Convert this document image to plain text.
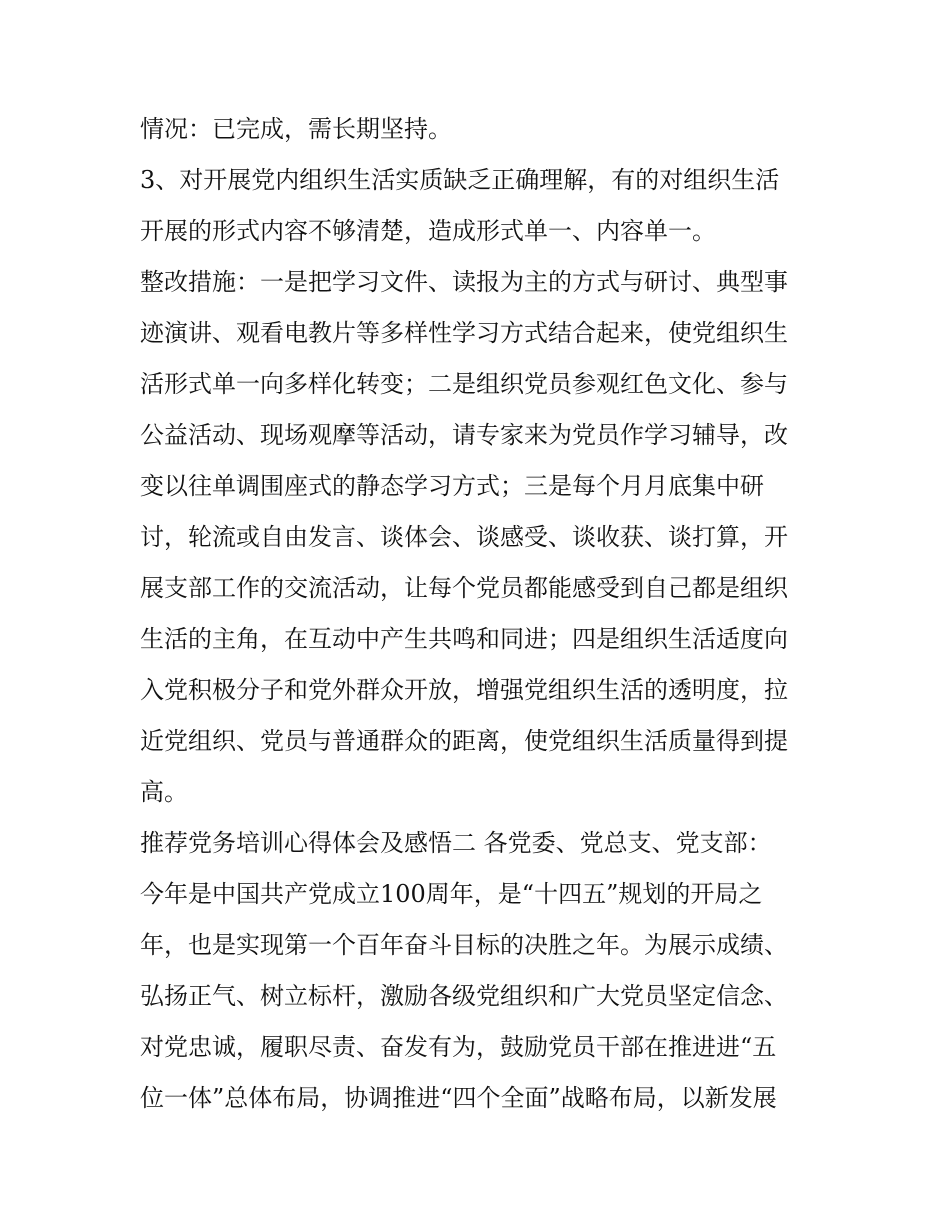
情况：已完成，需长期坚持。
3、对开展党内组织生活实质缺乏正确理解，有的对组织生活
开展的形式内容不够清楚，造成形式单一、内容单一。
整改措施：一是把学习文件、读报为主的方式与研讨、典型事
迹演讲、观看电教片等多样性学习方式结合起来，使党组织生
活形式单一向多样化转变；二是组织党员参观红色文化、参与
公益活动、现场观摩等活动，请专家来为党员作学习辅导，改
变以往单调围座式的静态学习方式；三是每个月月底集中研
讨，轮流或自由发言、谈体会、谈感受、谈收获、谈打算，开
展支部工作的交流活动，让每个党员都能感受到自己都是组织
生活的主角，在互动中产生共鸣和同进；四是组织生活适度向
入党积极分子和党外群众开放，增强党组织生活的透明度，拉
近党组织、党员与普通群众的距离，使党组织生活质量得到提
高。
推荐党务培训心得体会及感悟二 各党委、党总支、党支部：
今年是中国共产党成立100周年，是“十四五”规划的开局之
年，也是实现第一个百年奋斗目标的决胜之年。为展示成绩、
弘扬正气、树立标杆，激励各级党组织和广大党员坚定信念、
对党忠诚，履职尽责、奋发有为，鼓励党员干部在推进进“五
位一体”总体布局，协调推进“四个全面”战略布局，以新发展
